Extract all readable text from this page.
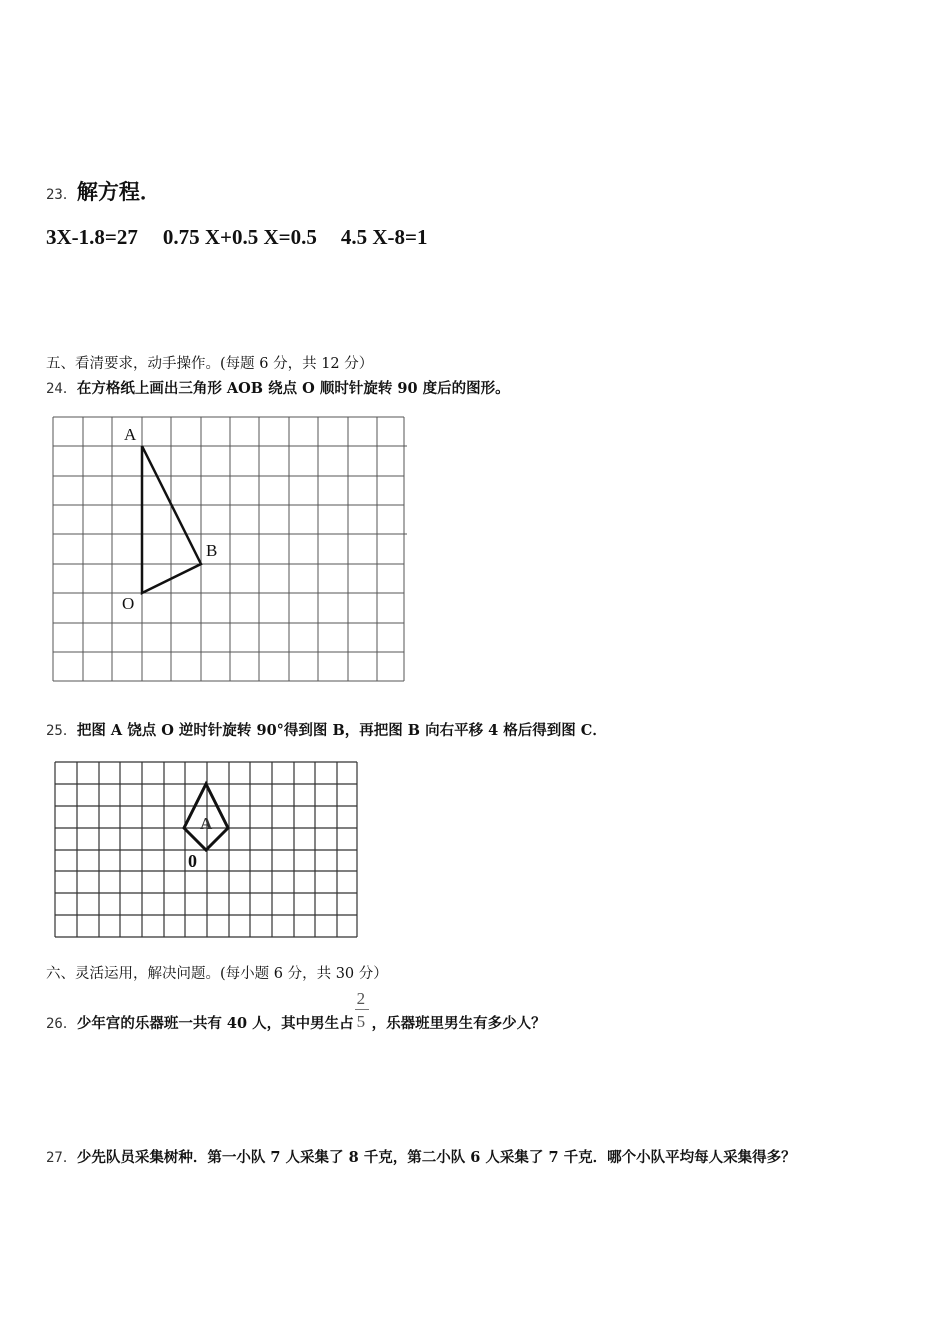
23．解方程．
3X-1.8=27 0.75 X+0.5 X=0.5 4.5 X-8=1
五、看清要求，动手操作。(每题 6 分，共 12 分）
24．在方格纸上画出三角形 AOB 绕点 O 顺时针旋转 90 度后的图形。
A
B
O
25．把图 A 饶点 O 逆时针旋转 90°得到图 B，再把图 B 向右平移 4 格后得到图 C．
A
0
六、灵活运用，解决问题。(每小题 6 分，共 30 分）
26．少年宫的乐器班一共有 40 人，其中男生占 $\frac{2}{5}$ ，乐器班里男生有多少人？
27．少先队员采集树种．第一小队 7 人采集了 8 千克，第二小队 6 人采集了 7 千克．哪个小队平均每人采集得多？
